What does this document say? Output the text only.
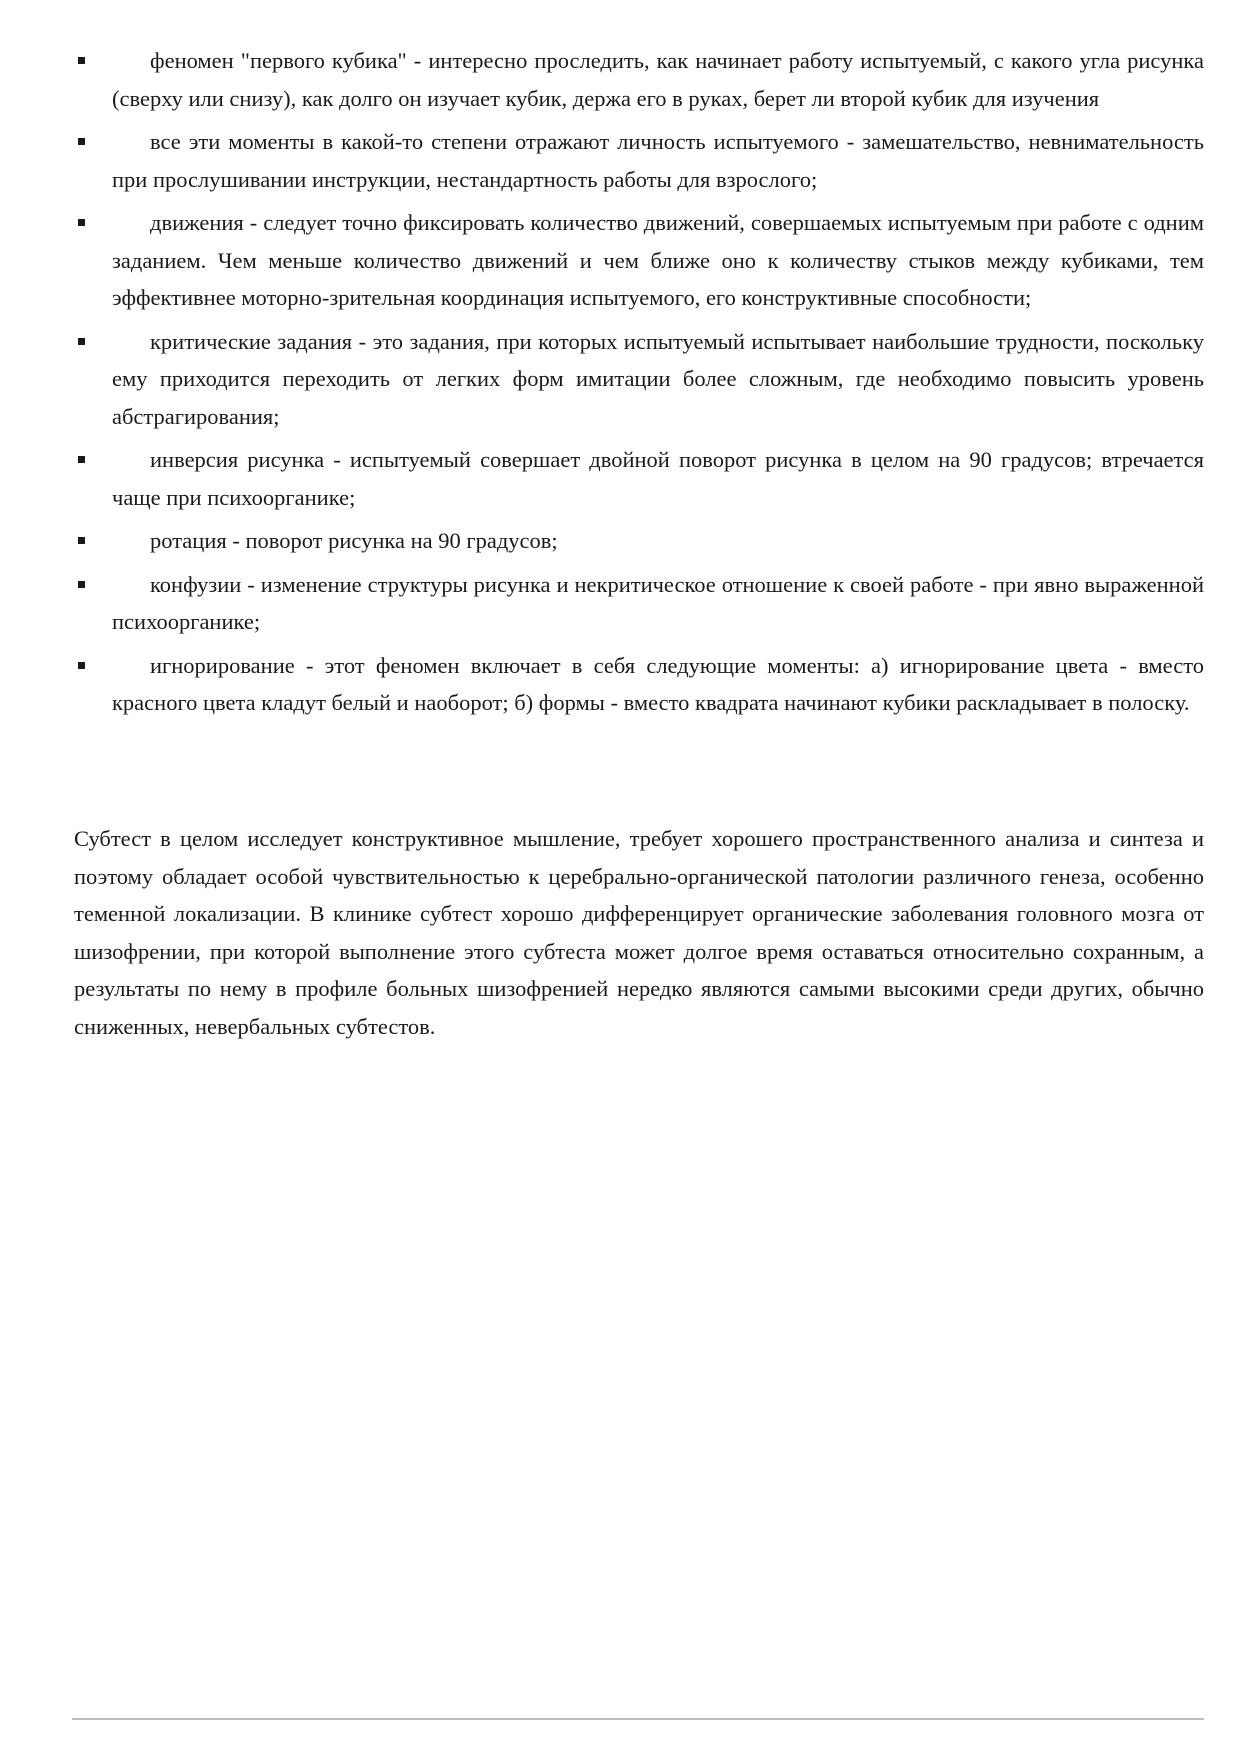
феномен "первого кубика" - интересно проследить, как начинает работу испытуемый, с какого угла рисунка (сверху или снизу), как долго он изучает кубик, держа его в руках, берет ли второй кубик для изучения
все эти моменты в какой-то степени отражают личность испытуемого - замешательство, невнимательность при прослушивании инструкции, нестандартность работы для взрослого;
движения - следует точно фиксировать количество движений, совершаемых испытуемым при работе с одним заданием. Чем меньше количество движений и чем ближе оно к количеству стыков между кубиками, тем эффективнее моторно-зрительная координация испытуемого, его конструктивные способности;
критические задания - это задания, при которых испытуемый испытывает наибольшие трудности, поскольку ему приходится переходить от легких форм имитации более сложным, где необходимо повысить уровень абстрагирования;
инверсия рисунка - испытуемый совершает двойной поворот рисунка в целом на 90 градусов; втречается чаще при психоорганике;
ротация - поворот рисунка на 90 градусов;
конфузии - изменение структуры рисунка и некритическое отношение к своей работе - при явно выраженной психоорганике;
игнорирование - этот феномен включает в себя следующие моменты: а) игнорирование цвета - вместо красного цвета кладут белый и наоборот; б) формы - вместо квадрата начинают кубики раскладывает в полоску.

Субтест в целом исследует конструктивное мышление, требует хорошего пространственного анализа и синтеза и поэтому обладает особой чувствительностью к церебрально-органической патологии различного генеза, особенно теменной локализации. В клинике субтест хорошо дифференцирует органические заболевания головного мозга от шизофрении, при которой выполнение этого субтеста может долгое время оставаться относительно сохранным, а результаты по нему в профиле больных шизофренией нередко являются самыми высокими среди других, обычно сниженных, невербальных субтестов.
